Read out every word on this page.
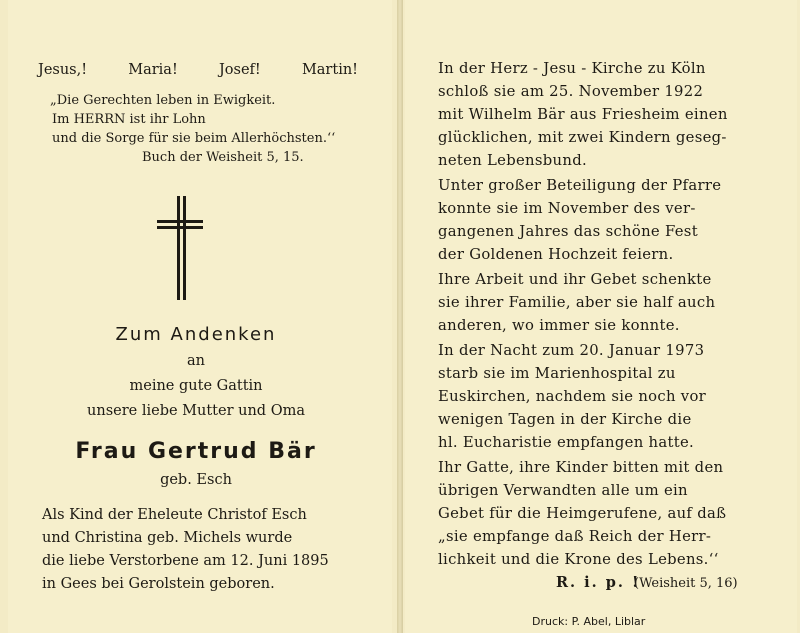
Jesus,!	Maria!	Josef!	Martin!
„Die Gerechten leben in Ewigkeit.
Im HERRN ist ihr Lohn
und die Sorge für sie beim Allerhöchsten.‘‘
Buch der Weisheit 5, 15.
Zum Andenken
an
meine gute Gattin
unsere liebe Mutter und Oma
Frau Gertrud Bär
geb. Esch
Als Kind der Eheleute Christof Esch
und Christina geb. Michels wurde
die liebe Verstorbene am 12. Juni 1895
in Gees bei Gerolstein geboren.
In der Herz - Jesu - Kirche zu Köln
schloß sie am 25. November 1922
mit Wilhelm Bär aus Friesheim einen
glücklichen, mit zwei Kindern geseg-
neten Lebensbund.
Unter großer Beteiligung der Pfarre
konnte sie im November des ver-
gangenen Jahres das schöne Fest
der Goldenen Hochzeit feiern.
Ihre Arbeit und ihr Gebet schenkte
sie ihrer Familie, aber sie half auch
anderen, wo immer sie konnte.
In der Nacht zum 20. Januar 1973
starb sie im Marienhospital zu
Euskirchen, nachdem sie noch vor
wenigen Tagen in der Kirche die
hl. Eucharistie empfangen hatte.
Ihr Gatte, ihre Kinder bitten mit den
übrigen Verwandten alle um ein
Gebet für die Heimgerufene, auf daß
„sie empfange daß Reich der Herr-
lichkeit und die Krone des Lebens.‘‘
(Weisheit 5, 16)
R. i. p. !
Druck: P. Abel, Liblar
